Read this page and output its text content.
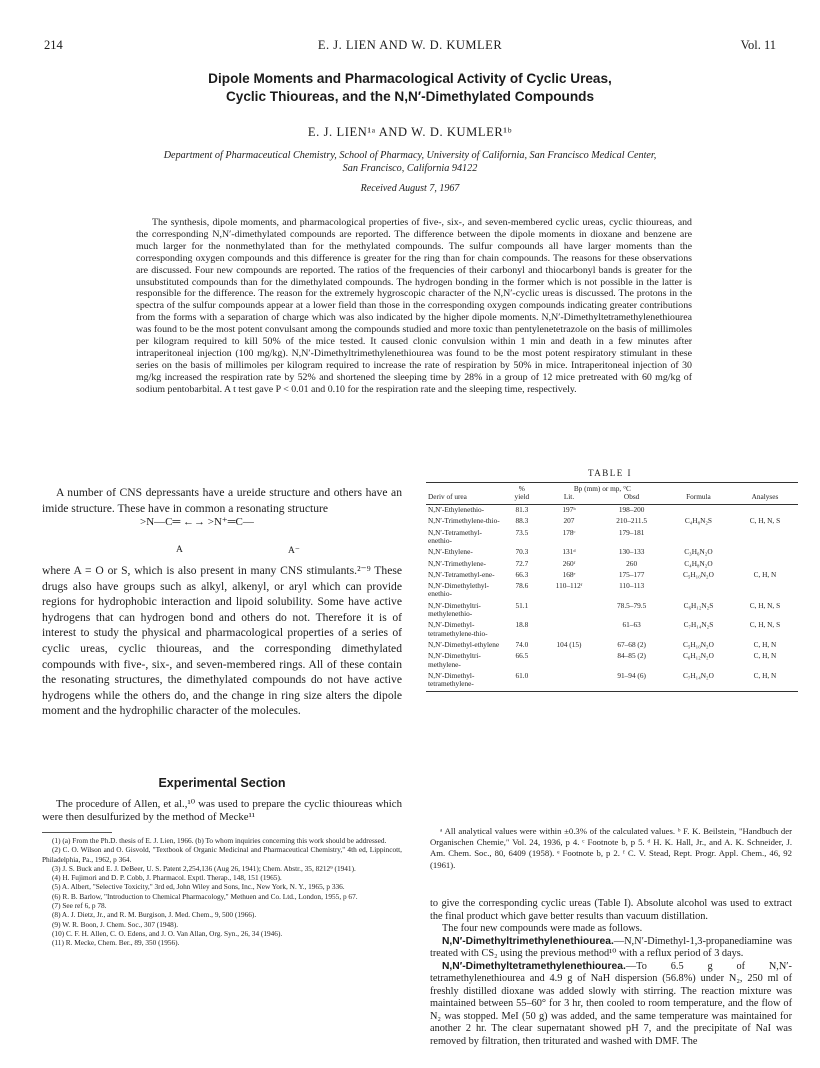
214	E. J. LIEN AND W. D. KUMLER	Vol. 11
Dipole Moments and Pharmacological Activity of Cyclic Ureas,
Cyclic Thioureas, and the N,N′-Dimethylated Compounds
E. J. LIEN¹ᵃ AND W. D. KUMLER¹ᵇ
Department of Pharmaceutical Chemistry, School of Pharmacy, University of California, San Francisco Medical Center,
San Francisco, California 94122
Received August 7, 1967

The synthesis, dipole moments, and pharmacological properties of five-, six-, and seven-membered cyclic ureas, cyclic thioureas, and the corresponding N,N′-dimethylated compounds are reported. The difference between the dipole moments in dioxane and benzene are much larger for the nonmethylated than for the methylated compounds. The sulfur compounds all have larger moments than the corresponding oxygen compounds and this difference is greater for the ring than for chain compounds. The reasons for these observations are discussed. Four new compounds are reported. The ratios of the frequencies of their carbonyl and thiocarbonyl bands is greater for the unsubstituted compounds than for the dimethylated compounds. The hydrogen bonding in the former which is not possible in the latter is responsible for the difference. The reason for the extremely hygroscopic character of the N,N′-cyclic ureas is discussed. The protons in the spectra of the sulfur compounds appear at a lower field than those in the corresponding oxygen compounds indicating greater contributions from the forms with a separation of charge which was also indicated by the higher dipole moments. N,N′-Dimethyltetramethylenethiourea was found to be the most potent convulsant among the compounds studied and more toxic than pentylenetetrazole on the basis of millimoles per kilogram required to kill 50% of the mice tested. It caused clonic convulsion within 1 min and death in a few minutes after intraperitoneal injection (100 mg/kg). N,N′-Dimethyltrimethylenethiourea was found to be the most potent respiratory stimulant in these series on the basis of millimoles per kilogram required to increase the rate of respiration by 50% in mice. Intraperitoneal injection of 30 mg/kg increased the respiration rate by 52% and shortened the sleeping time by 28% in a group of 12 mice pretreated with 60 mg/kg of sodium pentobarbital. A t test gave P < 0.01 and 0.10 for the respiration rate and the sleeping time, respectively.

A number of CNS depressants have a ureide structure and others have an imide structure. These have in common a resonating structure

>N—C═ ←→ >N⁺═C—
A	A⁻

where A = O or S, which is also present in many CNS stimulants.²⁻⁹ These drugs also have groups such as alkyl, alkenyl, or aryl which can provide regions for hydrophobic interaction and lipoid solubility. Some have active hydrogens that can hydrogen bond and others do not. Therefore it is of interest to study the physical and pharmacological properties of a series of cyclic ureas, cyclic thioureas, and the corresponding dimethylated compounds with five-, six-, and seven-membered rings. All of these contain the resonating structures, the dimethylated compounds do not have active hydrogens while the others do, and the change in ring size alters the dipole moment and the hydrophilic character of the molecules.

Experimental Section

The procedure of Allen, et al.,¹⁰ was used to prepare the cyclic thioureas which were then desulfurized by the method of Mecke¹¹

(1) (a) From the Ph.D. thesis of E. J. Lien, 1966. (b) To whom inquiries concerning this work should be addressed.
(2) C. O. Wilson and O. Gisvold, "Textbook of Organic Medicinal and Pharmaceutical Chemistry," 4th ed, Lippincott, Philadelphia, Pa., 1962, p 364.
(3) J. S. Buck and E. J. DeBeer, U. S. Patent 2,254,136 (Aug 26, 1941); Chem. Abstr., 35, 8212⁹ (1941).
(4) H. Fujimori and D. P. Cobb, J. Pharmacol. Exptl. Therap., 148, 151 (1965).
(5) A. Albert, "Selective Toxicity," 3rd ed, John Wiley and Sons, Inc., New York, N. Y., 1965, p 336.
(6) R. B. Barlow, "Introduction to Chemical Pharmacology," Methuen and Co. Ltd., London, 1955, p 67.
(7) See ref 6, p 78.
(8) A. J. Dietz, Jr., and R. M. Burgison, J. Med. Chem., 9, 500 (1966).
(9) W. R. Boon, J. Chem. Soc., 307 (1948).
(10) C. F. H. Allen, C. O. Edens, and J. O. Van Allan, Org. Syn., 26, 34 (1946).
(11) R. Mecke, Chem. Ber., 89, 350 (1956).
TABLE I

	%	Bp (mm) or mp, °C			
Deriv of urea	yield	Lit.	Obsd	Formula	Analyses
N,N′-Ethylenethio-	81.3	197ᵇ	198–200		
N,N′-Trimethylene-thio-	88.3	207	210–211.5	C₄H₈N₂S	C, H, N, S
N,N′-Tetramethyl-enethio-	73.5	178ᶜ	179–181		
N,N′-Ethylene-	70.3	131ᵈ	130–133	C₃H₆N₂O	
N,N′-Trimethylene-	72.7	260ᶠ	260	C₄H₈N₂O	
N,N′-Tetramethyl-ene-	66.3	168ᵉ	175–177	C₅H₁₀N₂O	C, H, N
N,N′-Dimethylethyl-enethio-	78.6	110–112ᶠ	110–113		
N,N′-Dimethyltri-methylenethio-	51.1		78.5–79.5	C₆H₁₂N₂S	C, H, N, S
N,N′-Dimethyl-tetramethylene-thio-	18.8		61–63	C₇H₁₄N₂S	C, H, N, S
N,N′-Dimethyl-ethylene	74.0	104 (15)	67–68 (2)	C₅H₁₀N₂O	C, H, N
N,N′-Dimethyltri-methylene-	66.5		84–85 (2)	C₆H₁₂N₂O	C, H, N
N,N′-Dimethyl-tetramethylene-	61.0		91–94 (6)	C₇H₁₄N₂O	C, H, N

ᵃ All analytical values were within ±0.3% of the calculated values. ᵇ F. K. Beilstein, "Handbuch der Organischen Chemie," Vol. 24, 1936, p 4. ᶜ Footnote b, p 5. ᵈ H. K. Hall, Jr., and A. K. Schneider, J. Am. Chem. Soc., 80, 6409 (1958). ᵉ Footnote b, p 2. ᶠ C. V. Stead, Rept. Progr. Appl. Chem., 46, 92 (1961).

to give the corresponding cyclic ureas (Table I). Absolute alcohol was used to extract the final product which gave better results than vacuum distillation.

The four new compounds were made as follows.

N,N′-Dimethyltrimethylenethiourea.—N,N′-Dimethyl-1,3-propanediamine was treated with CS₂ using the previous method¹⁰ with a reflux period of 3 days.

N,N′-Dimethyltetramethylenethiourea.—To 6.5 g of N,N′-tetramethylenethiourea and 4.9 g of NaH dispersion (56.8%) under N₂, 250 ml of freshly distilled dioxane was added slowly with stirring. The reaction mixture was maintained between 55–60° for 3 hr, then cooled to room temperature, and the flow of N₂ was stopped. MeI (50 g) was added, and the same temperature was maintained for another 2 hr. The clear supernatant showed pH 7, and the precipitate of NaI was removed by filtration, then triturated and washed with DMF. The
